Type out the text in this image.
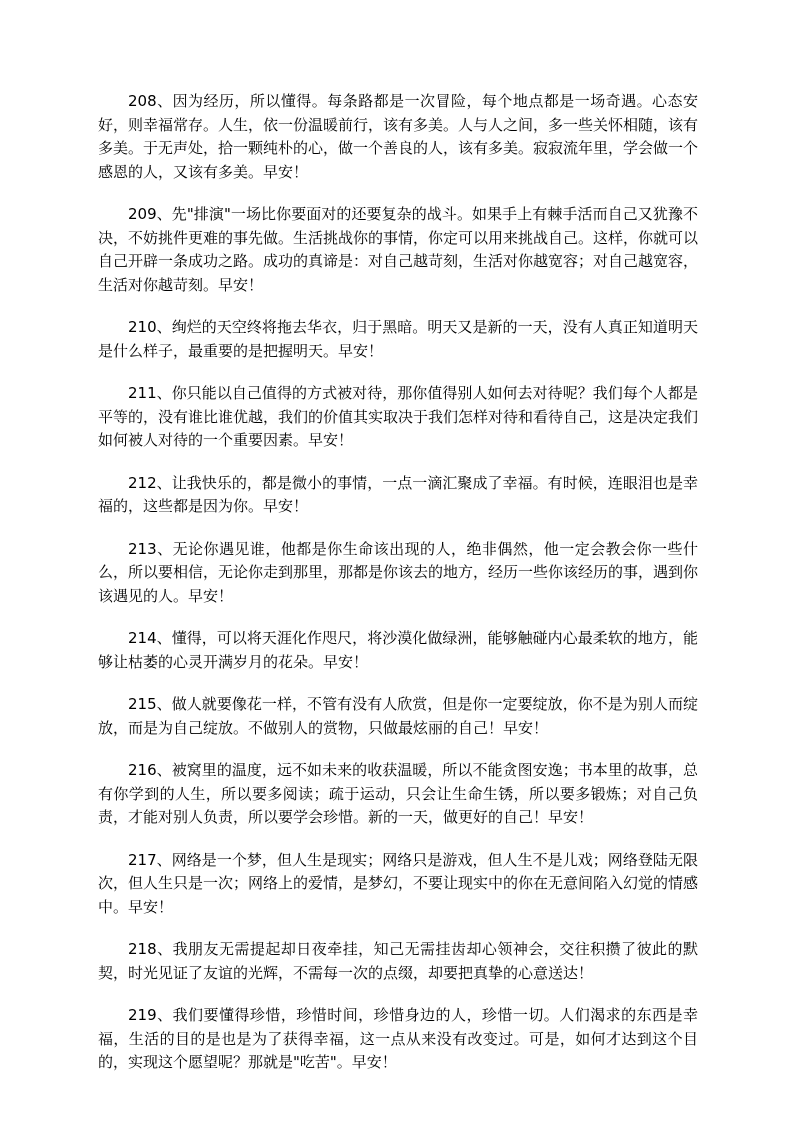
208、因为经历，所以懂得。每条路都是一次冒险，每个地点都是一场奇遇。心态安好，则幸福常存。人生，依一份温暖前行，该有多美。人与人之间，多一些关怀相随，该有多美。于无声处，拾一颗纯朴的心，做一个善良的人，该有多美。寂寂流年里，学会做一个感恩的人，又该有多美。早安！

209、先"排演"一场比你要面对的还要复杂的战斗。如果手上有棘手活而自己又犹豫不决，不妨挑件更难的事先做。生活挑战你的事情，你定可以用来挑战自己。这样，你就可以自己开辟一条成功之路。成功的真谛是：对自己越苛刻，生活对你越宽容；对自己越宽容，生活对你越苛刻。早安！

210、绚烂的天空终将拖去华衣，归于黑暗。明天又是新的一天，没有人真正知道明天是什么样子，最重要的是把握明天。早安！

211、你只能以自己值得的方式被对待，那你值得别人如何去对待呢？我们每个人都是平等的，没有谁比谁优越，我们的价值其实取决于我们怎样对待和看待自己，这是决定我们如何被人对待的一个重要因素。早安！

212、让我快乐的，都是微小的事情，一点一滴汇聚成了幸福。有时候，连眼泪也是幸福的，这些都是因为你。早安！

213、无论你遇见谁，他都是你生命该出现的人，绝非偶然，他一定会教会你一些什么，所以要相信，无论你走到那里，那都是你该去的地方，经历一些你该经历的事，遇到你该遇见的人。早安！

214、懂得，可以将天涯化作咫尺，将沙漠化做绿洲，能够触碰内心最柔软的地方，能够让枯萎的心灵开满岁月的花朵。早安！

215、做人就要像花一样，不管有没有人欣赏，但是你一定要绽放，你不是为别人而绽放，而是为自己绽放。不做别人的赏物，只做最炫丽的自己！早安！

216、被窝里的温度，远不如未来的收获温暖，所以不能贪图安逸；书本里的故事，总有你学到的人生，所以要多阅读；疏于运动，只会让生命生锈，所以要多锻炼；对自己负责，才能对别人负责，所以要学会珍惜。新的一天，做更好的自己！早安！

217、网络是一个梦，但人生是现实；网络只是游戏，但人生不是儿戏；网络登陆无限次，但人生只是一次；网络上的爱情，是梦幻，不要让现实中的你在无意间陷入幻觉的情感中。早安！

218、我朋友无需提起却日夜牵挂，知己无需挂齿却心领神会，交往积攒了彼此的默契，时光见证了友谊的光辉，不需每一次的点缀，却要把真挚的心意送达！

219、我们要懂得珍惜，珍惜时间，珍惜身边的人，珍惜一切。人们渴求的东西是幸福，生活的目的是也是为了获得幸福，这一点从来没有改变过。可是，如何才达到这个目的，实现这个愿望呢？那就是"吃苦"。早安！
